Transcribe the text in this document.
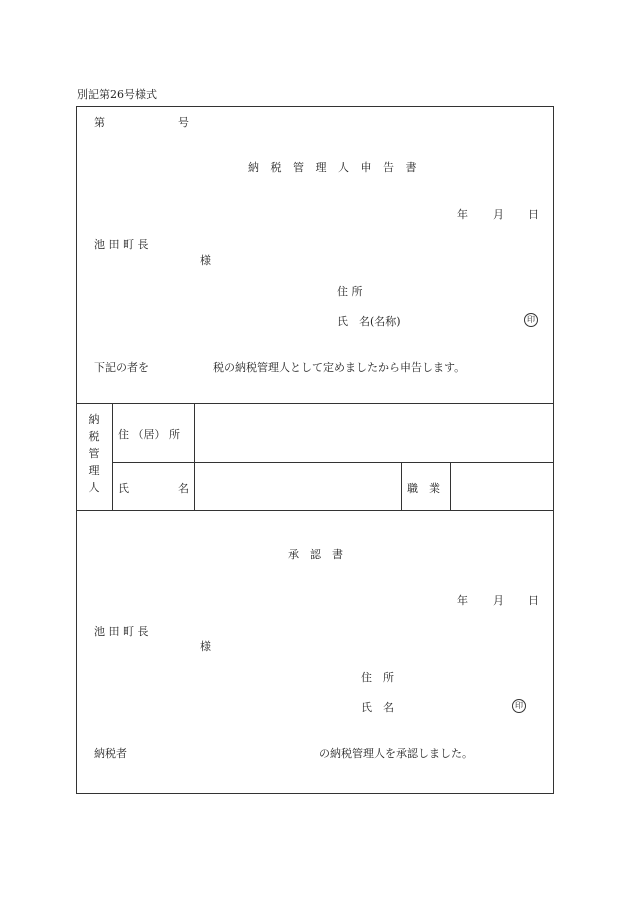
別記第26号様式
第	号
納 税 管 理 人 申 告 書
年 月 日
池 田 町 長
様
住 所
氏　名(名称)	印
下記の者を	税の納税管理人として定めましたから申告します。
納
税
管
理
人
住 （居） 所
氏	名	職　業
承　認　書
年 月 日
池 田 町 長
様
住　所
氏　名	印
納税者	の納税管理人を承認しました。
